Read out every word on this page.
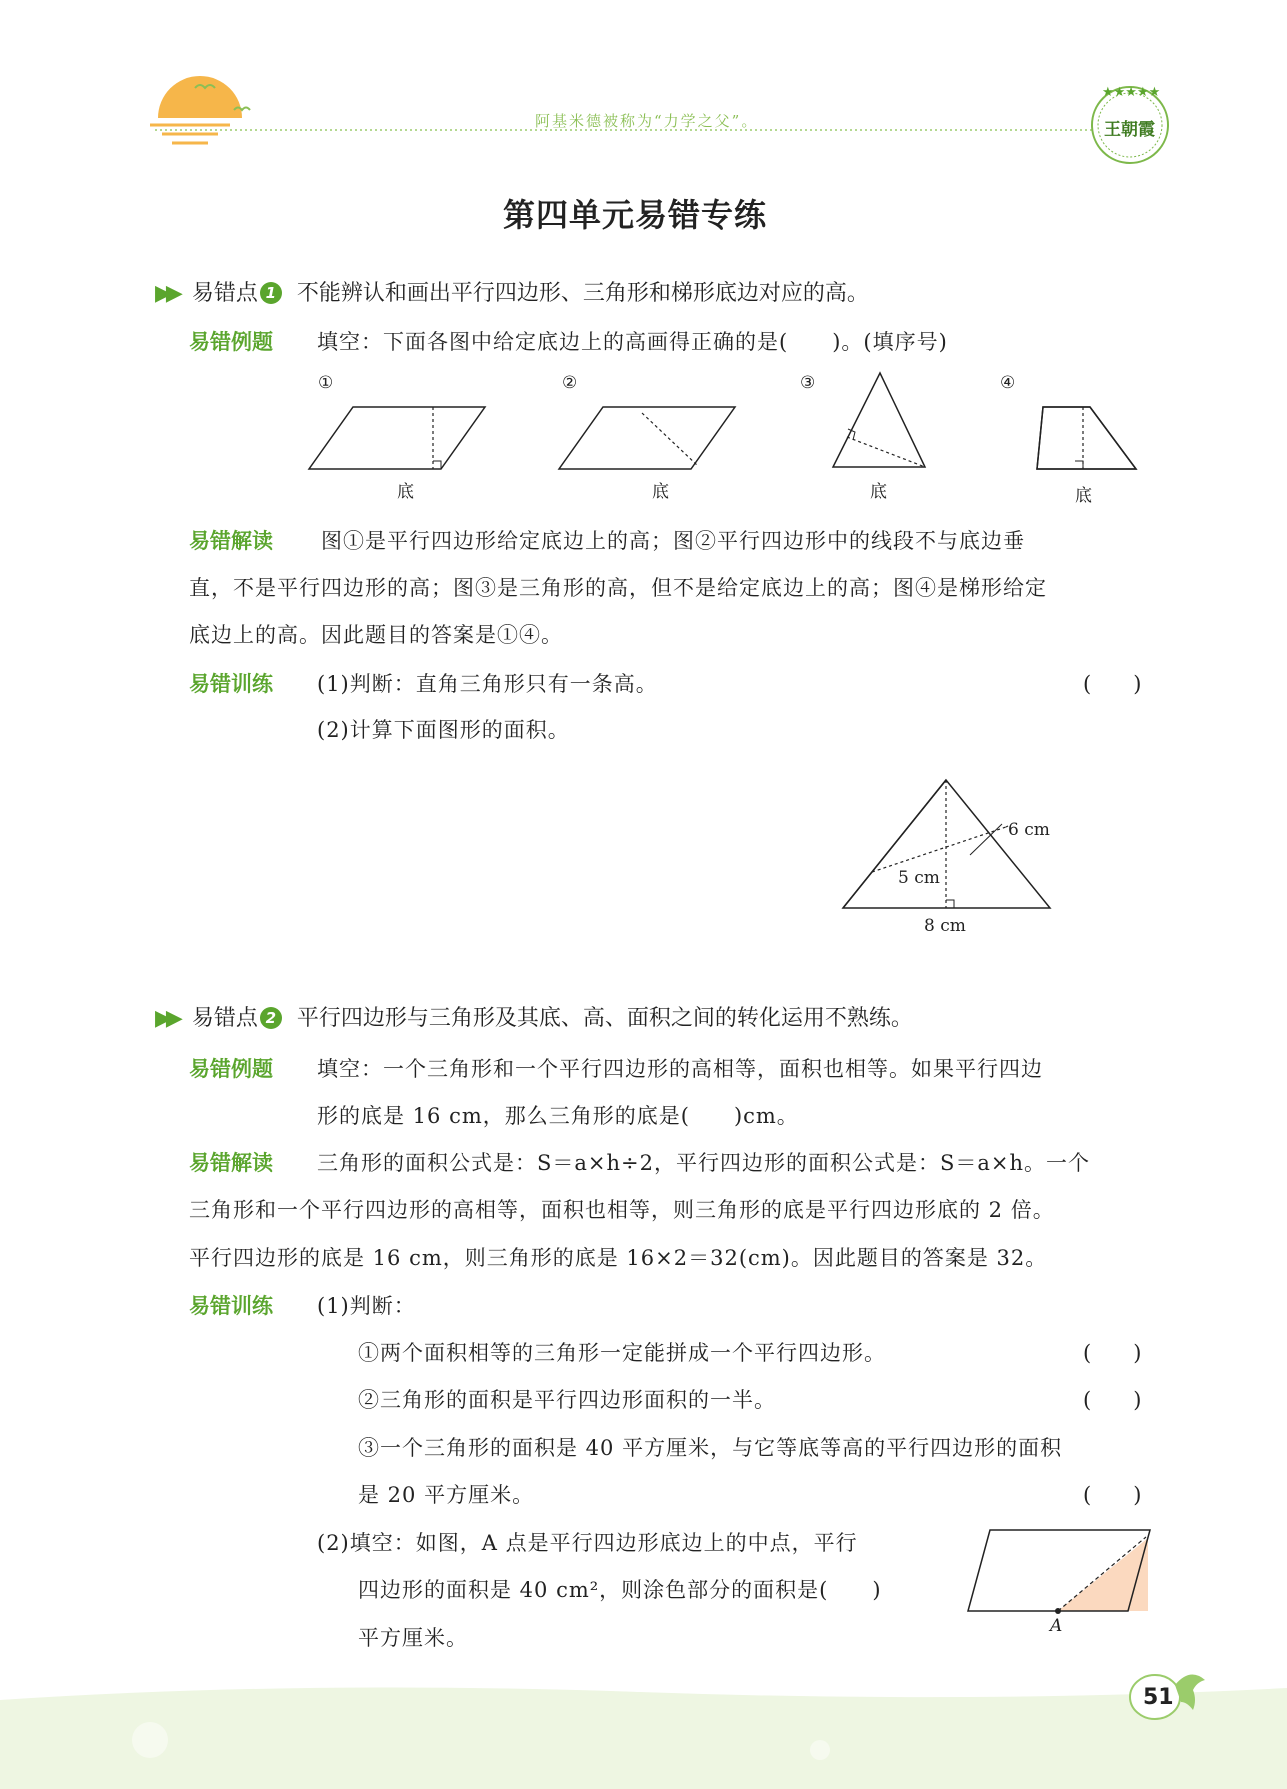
★★★★★
阿基米德被称为“力学之父”。	王朝霞
第四单元易错专练
▶▶ 易错点 1 不能辨认和画出平行四边形、三角形和梯形底边对应的高。
易错例题 填空：下面各图中给定底边上的高画得正确的是(　　)。(填序号)
①	②	③	④
底	底	底	底
易错解读 图①是平行四边形给定底边上的高；图②平行四边形中的线段不与底边垂
直，不是平行四边形的高；图③是三角形的高，但不是给定底边上的高；图④是梯形给定
底边上的高。因此题目的答案是①④。
易错训练 (1)判断：直角三角形只有一条高。	(　　)
(2)计算下面图形的面积。
6 cm
5 cm
8 cm
▶▶ 易错点 2 平行四边形与三角形及其底、高、面积之间的转化运用不熟练。
易错例题 填空：一个三角形和一个平行四边形的高相等，面积也相等。如果平行四边
形的底是 16 cm，那么三角形的底是(　　)cm。
易错解读 三角形的面积公式是：S＝a×h÷2，平行四边形的面积公式是：S＝a×h。一个
三角形和一个平行四边形的高相等，面积也相等，则三角形的底是平行四边形底的 2 倍。
平行四边形的底是 16 cm，则三角形的底是 16×2＝32(cm)。因此题目的答案是 32。
易错训练 (1)判断：
①两个面积相等的三角形一定能拼成一个平行四边形。	(　　)
②三角形的面积是平行四边形面积的一半。	(　　)
③一个三角形的面积是 40 平方厘米，与它等底等高的平行四边形的面积
是 20 平方厘米。	(　　)
(2)填空：如图，A 点是平行四边形底边上的中点，平行
四边形的面积是 40 cm²，则涂色部分的面积是(　　)
平方厘米。	A
51
